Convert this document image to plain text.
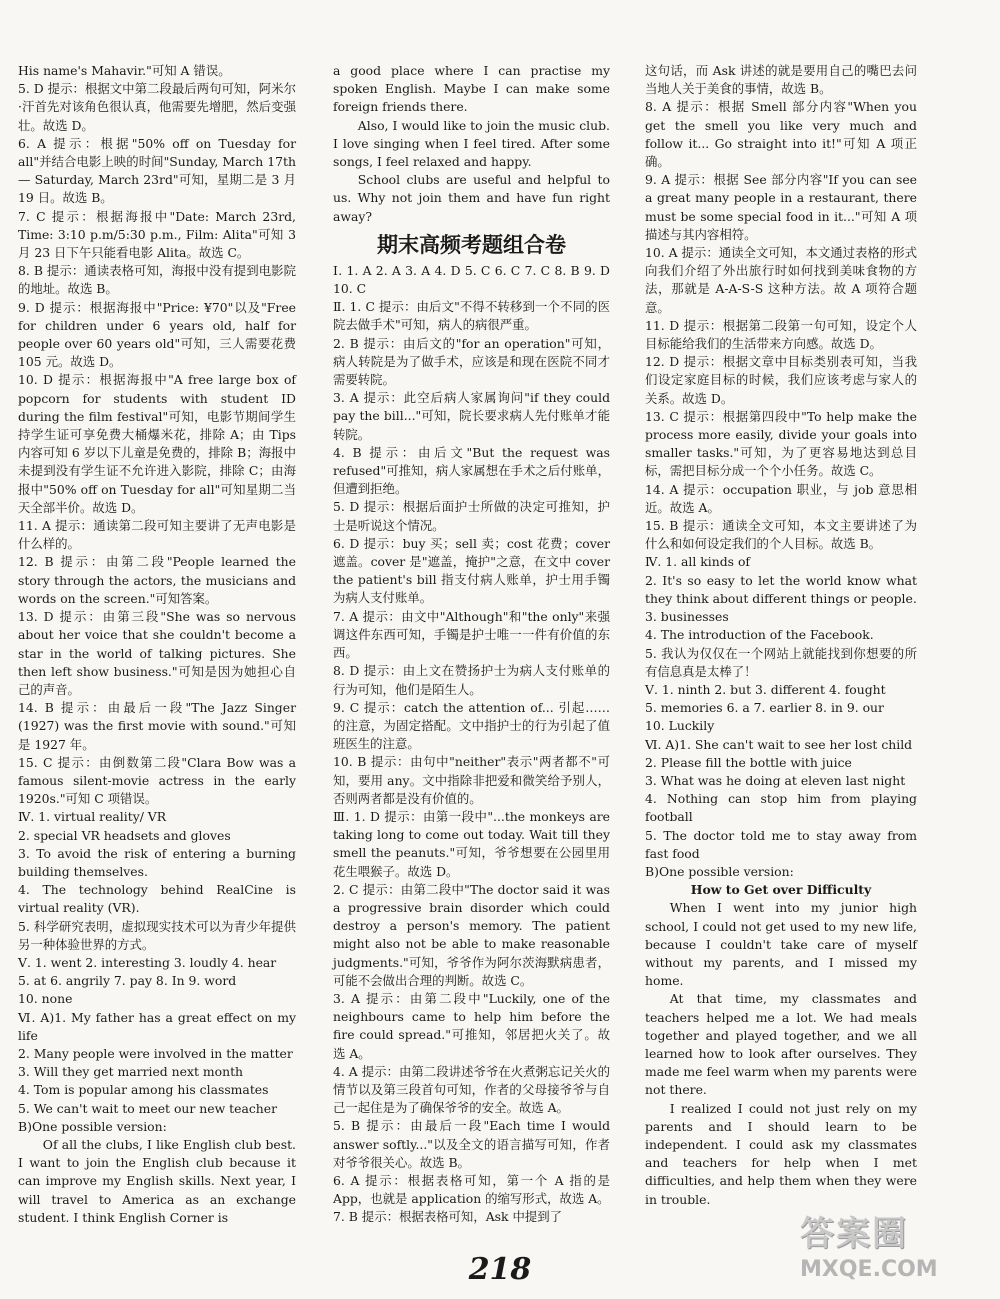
His name's Mahavir."可知 A 错误。

5. D 提示：根据文中第二段最后两句可知，阿米尔·汗首先对该角色很认真，他需要先增肥，然后变强壮。故选 D。

6. A 提示：根据"50% off on Tuesday for all"并结合电影上映的时间"Sunday, March 17th — Saturday, March 23rd"可知，星期二是 3 月 19 日。故选 B。

7. C 提示：根据海报中"Date: March 23rd, Time: 3:10 p.m/5:30 p.m., Film: Alita"可知 3 月 23 日下午只能看电影 Alita。故选 C。

8. B 提示：通读表格可知，海报中没有提到电影院的地址。故选 B。

9. D 提示：根据海报中"Price: ¥70"以及"Free for children under 6 years old, half for people over 60 years old"可知，三人需要花费 105 元。故选 D。

10. D 提示：根据海报中"A free large box of popcorn for students with student ID during the film festival"可知，电影节期间学生持学生证可享免费大桶爆米花，排除 A；由 Tips 内容可知 6 岁以下儿童是免费的，排除 B；海报中未提到没有学生证不允许进入影院，排除 C；由海报中"50% off on Tuesday for all"可知星期二当天全部半价。故选 D。

11. A 提示：通读第二段可知主要讲了无声电影是什么样的。

12. B 提示：由第二段"People learned the story through the actors, the musicians and words on the screen."可知答案。

13. D 提示：由第三段"She was so nervous about her voice that she couldn't become a star in the world of talking pictures. She then left show business."可知是因为她担心自己的声音。

14. B 提示：由最后一段"The Jazz Singer (1927) was the first movie with sound."可知是 1927 年。

15. C 提示：由倒数第二段"Clara Bow was a famous silent-movie actress in the early 1920s."可知 C 项错误。

Ⅳ. 1. virtual reality/ VR

2. special VR headsets and gloves

3. To avoid the risk of entering a burning building themselves.

4. The technology behind RealCine is virtual reality (VR).

5. 科学研究表明，虚拟现实技术可以为青少年提供另一种体验世界的方式。

Ⅴ. 1. went 2. interesting 3. loudly 4. hear

5. at 6. angrily 7. pay 8. In 9. word

10. none

Ⅵ. A)1. My father has a great effect on my life

2. Many people were involved in the matter

3. Will they get married next month

4. Tom is popular among his classmates

5. We can't wait to meet our new teacher

B)One possible version:

Of all the clubs, I like English club best. I want to join the English club because it can improve my English skills. Next year, I will travel to America as an exchange student. I think English Corner is

a good place where I can practise my spoken English. Maybe I can make some foreign friends there.

Also, I would like to join the music club. I love singing when I feel tired. After some songs, I feel relaxed and happy.

School clubs are useful and helpful to us. Why not join them and have fun right away?

期末高频考题组合卷

Ⅰ. 1. A 2. A 3. A 4. D 5. C 6. C 7. C 8. B 9. D 10. C

Ⅱ. 1. C 提示：由后文"不得不转移到一个不同的医院去做手术"可知，病人的病很严重。

2. B 提示：由后文的"for an operation"可知，病人转院是为了做手术，应该是和现在医院不同才需要转院。

3. A 提示：此空后病人家属询问"if they could pay the bill..."可知，院长要求病人先付账单才能转院。

4. B 提示：由后文"But the request was refused"可推知，病人家属想在手术之后付账单，但遭到拒绝。

5. D 提示：根据后面护士所做的决定可推知，护士是听说这个情况。

6. D 提示：buy 买；sell 卖；cost 花费；cover 遮盖。cover 是"遮盖，掩护"之意，在文中 cover the patient's bill 指支付病人账单，护士用手镯为病人支付账单。

7. A 提示：由文中"Although"和"the only"来强调这件东西可知，手镯是护士唯一一件有价值的东西。

8. D 提示：由上文在赞扬护士为病人支付账单的行为可知，他们是陌生人。

9. C 提示：catch the attention of... 引起……的注意，为固定搭配。文中指护士的行为引起了值班医生的注意。

10. B 提示：由句中"neither"表示"两者都不"可知，要用 any。文中指除非把爱和微笑给予别人，否则两者都是没有价值的。

Ⅲ. 1. D 提示：由第一段中"...the monkeys are taking long to come out today. Wait till they smell the peanuts."可知，爷爷想要在公园里用花生喂猴子。故选 D。

2. C 提示：由第二段中"The doctor said it was a progressive brain disorder which could destroy a person's memory. The patient might also not be able to make reasonable judgments."可知，爷爷作为阿尔茨海默病患者，可能不会做出合理的判断。故选 C。

3. A 提示：由第二段中"Luckily, one of the neighbours came to help him before the fire could spread."可推知，邻居把火关了。故选 A。

4. A 提示：由第二段讲述爷爷在火煮粥忘记关火的情节以及第三段首句可知，作者的父母接爷爷与自己一起住是为了确保爷爷的安全。故选 A。

5. B 提示：由最后一段"Each time I would answer softly..."以及全文的语言描写可知，作者对爷爷很关心。故选 B。

6. A 提示：根据表格可知，第一个 A 指的是 App，也就是 application 的缩写形式，故选 A。

7. B 提示：根据表格可知，Ask 中提到了

这句话，而 Ask 讲述的就是要用自己的嘴巴去问当地人关于美食的事情，故选 B。

8. A 提示：根据 Smell 部分内容"When you get the smell you like very much and follow it... Go straight into it!"可知 A 项正确。

9. A 提示：根据 See 部分内容"If you can see a great many people in a restaurant, there must be some special food in it..."可知 A 项描述与其内容相符。

10. A 提示：通读全文可知，本文通过表格的形式向我们介绍了外出旅行时如何找到美味食物的方法，那就是 A-A-S-S 这种方法。故 A 项符合题意。

11. D 提示：根据第二段第一句可知，设定个人目标能给我们的生活带来方向感。故选 D。

12. D 提示：根据文章中目标类别表可知，当我们设定家庭目标的时候，我们应该考虑与家人的关系。故选 D。

13. C 提示：根据第四段中"To help make the process more easily, divide your goals into smaller tasks."可知，为了更容易地达到总目标，需把目标分成一个个小任务。故选 C。

14. A 提示：occupation 职业，与 job 意思相近。故选 A。

15. B 提示：通读全文可知，本文主要讲述了为什么和如何设定我们的个人目标。故选 B。

Ⅳ. 1. all kinds of

2. It's so easy to let the world know what they think about different things or people.

3. businesses

4. The introduction of the Facebook.

5. 我认为仅仅在一个网站上就能找到你想要的所有信息真是太棒了！

Ⅴ. 1. ninth 2. but 3. different 4. fought

5. memories 6. a 7. earlier 8. in 9. our

10. Luckily

Ⅵ. A)1. She can't wait to see her lost child

2. Please fill the bottle with juice

3. What was he doing at eleven last night

4. Nothing can stop him from playing football

5. The doctor told me to stay away from fast food

B)One possible version:

How to Get over Difficulty

When I went into my junior high school, I could not get used to my new life, because I couldn't take care of myself without my parents, and I missed my home.

At that time, my classmates and teachers helped me a lot. We had meals together and played together, and we all learned how to look after ourselves. They made me feel warm when my parents were not there.

I realized I could not just rely on my parents and I should learn to be independent. I could ask my classmates and teachers for help when I met difficulties, and help them when they were in trouble.

218
答案圈
MXQE.COM
